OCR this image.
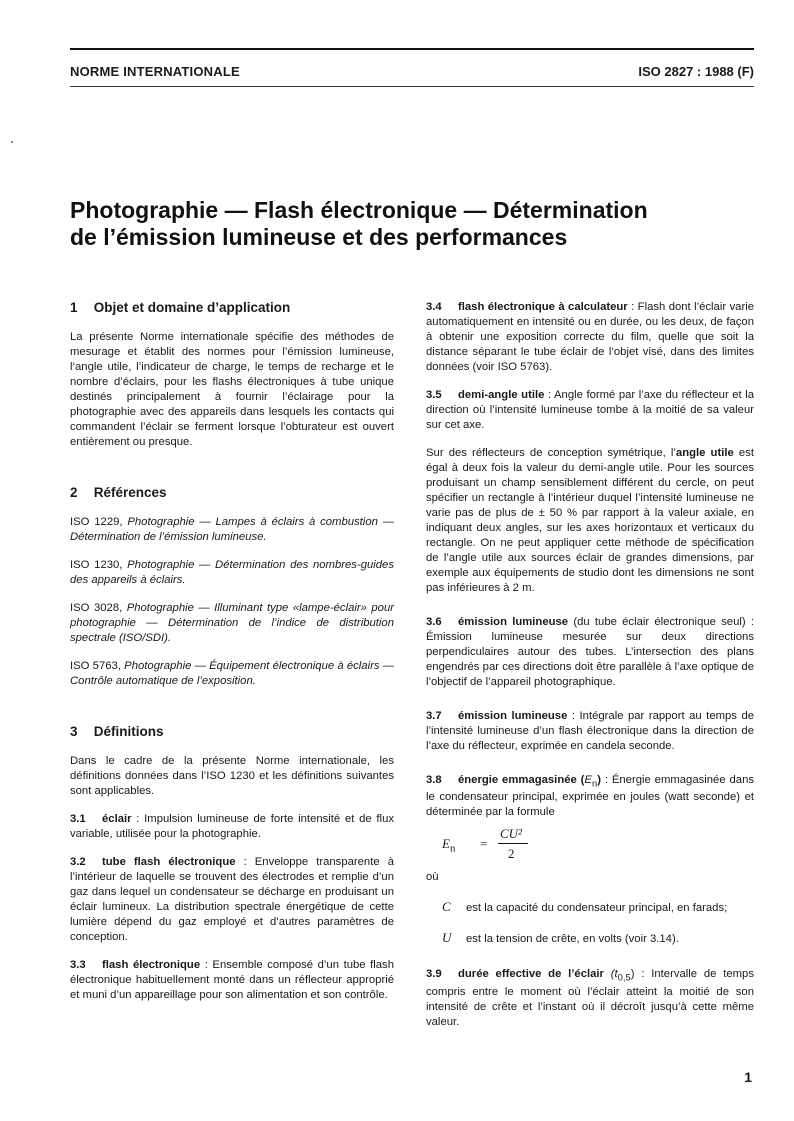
NORME INTERNATIONALE	ISO 2827 : 1988 (F)
Photographie — Flash électronique — Détermination
de l’émission lumineuse et des performances
1 Objet et domaine d’application

La présente Norme internationale spécifie des méthodes de mesurage et établit des normes pour l’émission lumineuse, l’angle utile, l’indicateur de charge, le temps de recharge et le nombre d’éclairs, pour les flashs électroniques à tube unique destinés principalement à fournir l’éclairage pour la photographie avec des appareils dans lesquels les contacts qui commandent l’éclair se ferment lorsque l’obturateur est ouvert entièrement ou presque.

2 Références

ISO 1229, Photographie — Lampes à éclairs à combustion — Détermination de l’émission lumineuse.

ISO 1230, Photographie — Détermination des nombres-guides des appareils à éclairs.

ISO 3028, Photographie — Illuminant type «lampe-éclair» pour photographie — Détermination de l’indice de distribution spectrale (ISO/SDI).

ISO 5763, Photographie — Équipement électronique à éclairs — Contrôle automatique de l’exposition.

3 Définitions

Dans le cadre de la présente Norme internationale, les définitions données dans l’ISO 1230 et les définitions suivantes sont applicables.

3.1 éclair : Impulsion lumineuse de forte intensité et de flux variable, utilisée pour la photographie.

3.2 tube flash électronique : Enveloppe transparente à l’intérieur de laquelle se trouvent des électrodes et remplie d’un gaz dans lequel un condensateur se décharge en produisant un éclair lumineux. La distribution spectrale énergétique de cette lumière dépend du gaz employé et d’autres paramètres de conception.

3.3 flash électronique : Ensemble composé d’un tube flash électronique habituellement monté dans un réflecteur approprié et muni d’un appareillage pour son alimentation et son contrôle.

3.4 flash électronique à calculateur : Flash dont l’éclair varie automatiquement en intensité ou en durée, ou les deux, de façon à obtenir une exposition correcte du film, quelle que soit la distance séparant le tube éclair de l’objet visé, dans des limites données (voir ISO 5763).

3.5 demi-angle utile : Angle formé par l’axe du réflecteur et la direction où l’intensité lumineuse tombe à la moitié de sa valeur sur cet axe.

Sur des réflecteurs de conception symétrique, l’angle utile est égal à deux fois la valeur du demi-angle utile. Pour les sources produisant un champ sensiblement différent du cercle, on peut spécifier un rectangle à l’intérieur duquel l’intensité lumineuse ne varie pas de plus de ± 50 % par rapport à la valeur axiale, en indiquant deux angles, sur les axes horizontaux et verticaux du rectangle. On ne peut appliquer cette méthode de spécification de l’angle utile aux sources éclair de grandes dimensions, par exemple aux équipements de studio dont les dimensions ne sont pas inférieures à 2 m.

3.6 émission lumineuse (du tube éclair électronique seul) : Émission lumineuse mesurée sur deux directions perpendiculaires autour des tubes. L’intersection des plans engendrés par ces directions doit être parallèle à l’axe optique de l’objectif de l’appareil photographique.

3.7 émission lumineuse : Intégrale par rapport au temps de l’intensité lumineuse d’un flash électronique dans la direction de l’axe du réflecteur, exprimée en candela seconde.

3.8 énergie emmagasinée $(E_n)$ : Énergie emmagasinée dans le condensateur principal, exprimée en joules (watt seconde) et déterminée par la formule

$E_n$ =
CU²
2

où

C est la capacité du condensateur principal, en farads;
U est la tension de crête, en volts (voir 3.14).

3.9 durée effective de l’éclair $(t_{0,5})$ : Intervalle de temps compris entre le moment où l’éclair atteint la moitié de son intensité de crête et l’instant où il décroît jusqu’à cette même valeur.

1
